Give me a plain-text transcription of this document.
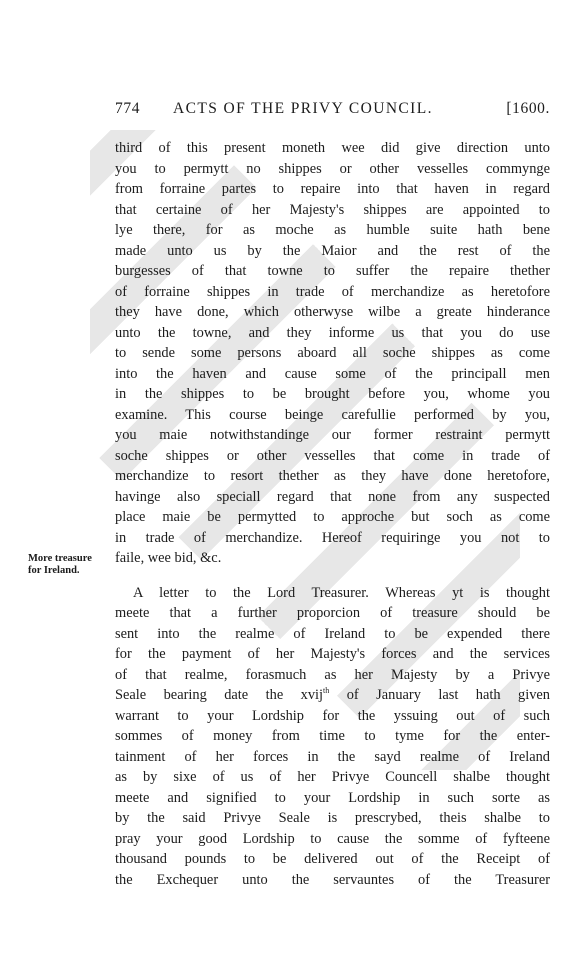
774 ACTS OF THE PRIVY COUNCIL.	[1600.
More treasure
for Ireland.
third of this present moneth wee did give direction unto
you to permytt no shippes or other vesselles commynge
from forraine partes to repaire into that haven in regard
that certaine of her Majesty's shippes are appointed to
lye there, for as moche as humble suite hath bene
made unto us by the Maior and the rest of the
burgesses of that towne to suffer the repaire thether
of forraine shippes in trade of merchandize as heretofore
they have done, which otherwyse wilbe a greate hinderance
unto the towne, and they informe us that you do use
to sende some persons aboard all soche shippes as come
into the haven and cause some of the principall men
in the shippes to be brought before you, whome you
examine. This course beinge carefullie performed by you,
you maie notwithstandinge our former restraint permytt
soche shippes or other vesselles that come in trade of
merchandize to resort thether as they have done heretofore,
havinge also speciall regard that none from any suspected
place maie be permytted to approche but soch as come
in trade of merchandize. Hereof requiringe you not to
faile, wee bid, &c.
A letter to the Lord Treasurer. Whereas yt is thought
meete that a further proporcion of treasure should be
sent into the realme of Ireland to be expended there
for the payment of her Majesty's forces and the services
of that realme, forasmuch as her Majesty by a Privye
Seale bearing date the xvij$^{th}$ of January last hath given
warrant to your Lordship for the yssuing out of such
sommes of money from time to tyme for the enter-
tainment of her forces in the sayd realme of Ireland
as by sixe of us of her Privye Councell shalbe thought
meete and signified to your Lordship in such sorte as
by the said Privye Seale is prescrybed, theis shalbe to
pray your good Lordship to cause the somme of fyfteene
thousand pounds to be delivered out of the Receipt of
the Exchequer unto the servauntes of the Treasurer
